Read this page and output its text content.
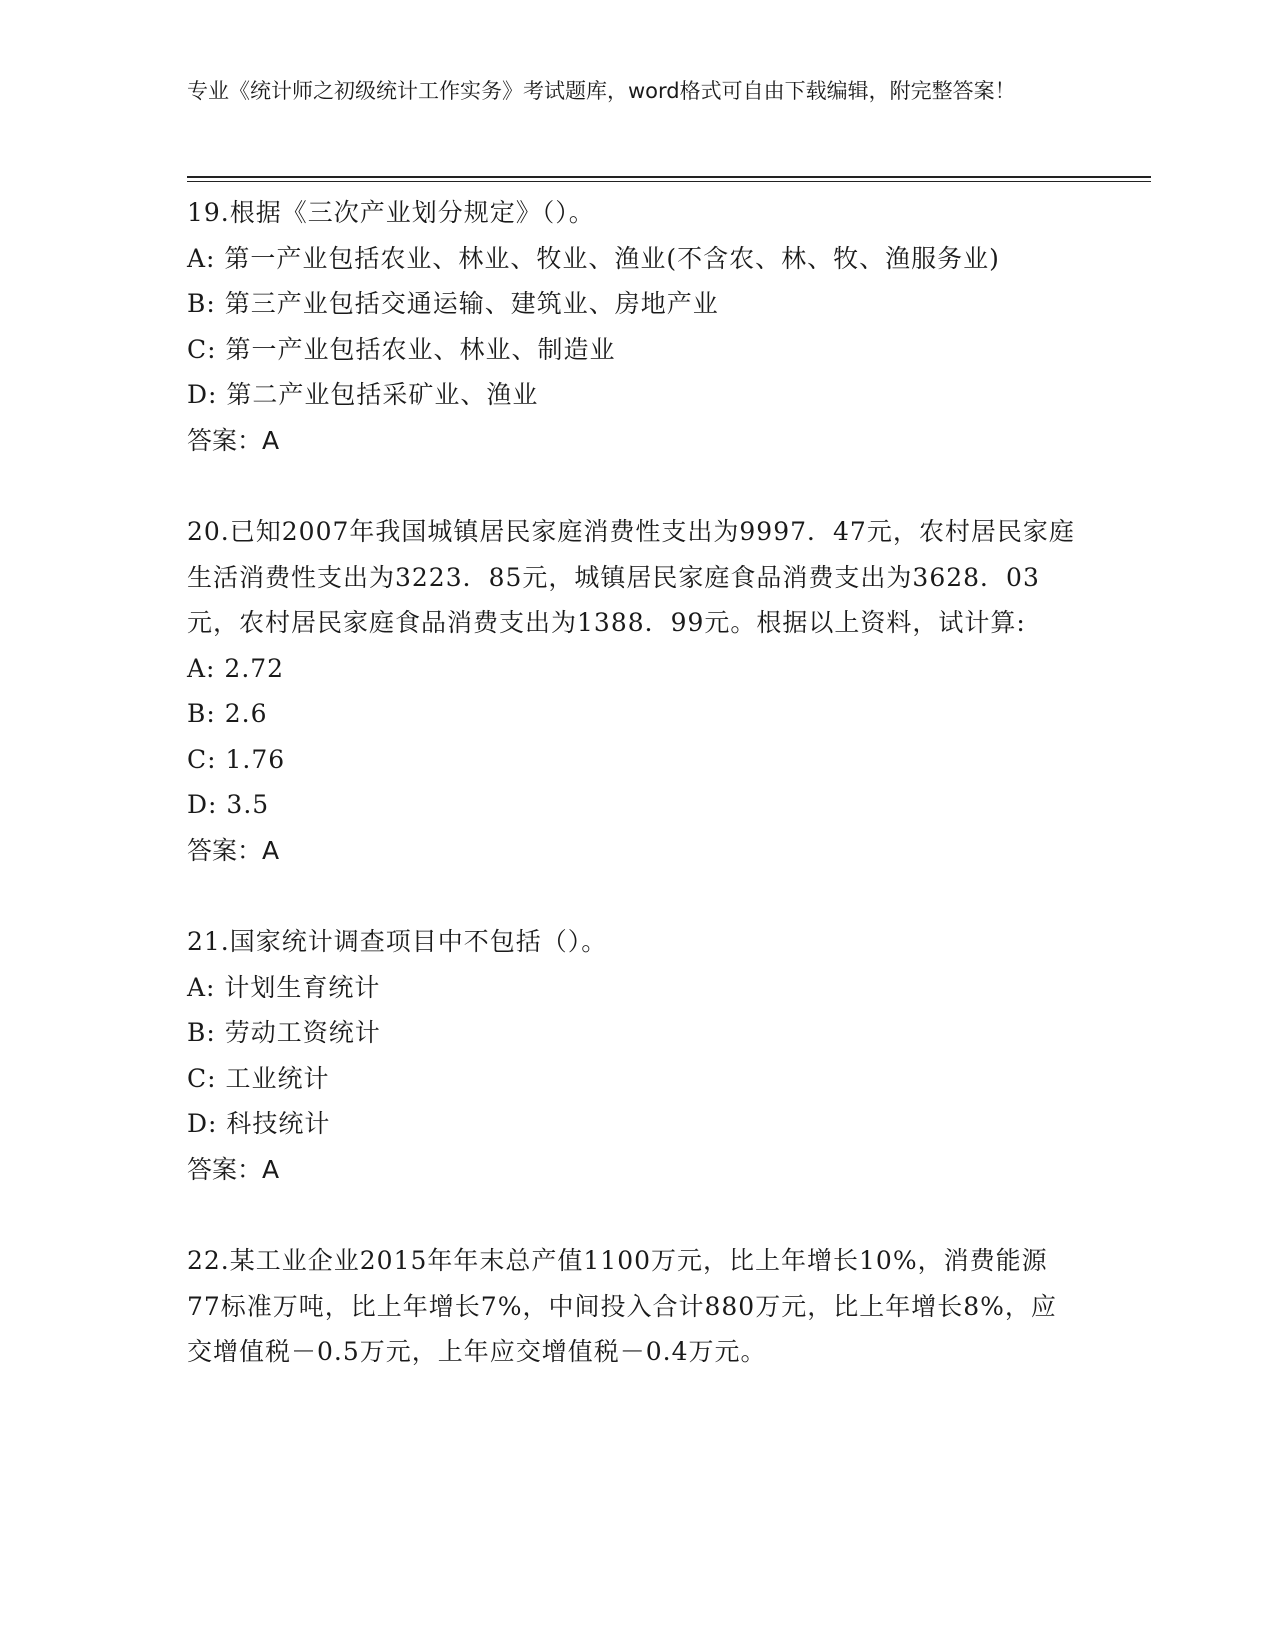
专业《统计师之初级统计工作实务》考试题库，word格式可自由下载编辑，附完整答案！

19.根据《三次产业划分规定》（）。

A: 第一产业包括农业、林业、牧业、渔业(不含农、林、牧、渔服务业)

B: 第三产业包括交通运输、建筑业、房地产业

C: 第一产业包括农业、林业、制造业

D: 第二产业包括采矿业、渔业

答案：A

20.已知2007年我国城镇居民家庭消费性支出为9997．47元，农村居民家庭生活消费性支出为3223．85元，城镇居民家庭食品消费支出为3628．03元，农村居民家庭食品消费支出为1388．99元。根据以上资料，试计算:

A: 2.72

B: 2.6

C: 1.76

D: 3.5

答案：A

21.国家统计调查项目中不包括（）。

A: 计划生育统计

B: 劳动工资统计

C: 工业统计

D: 科技统计

答案：A

22.某工业企业2015年年末总产值1100万元，比上年增长10%，消费能源77标准万吨，比上年增长7%，中间投入合计880万元，比上年增长8%，应交增值税－0.5万元，上年应交增值税－0.4万元。
